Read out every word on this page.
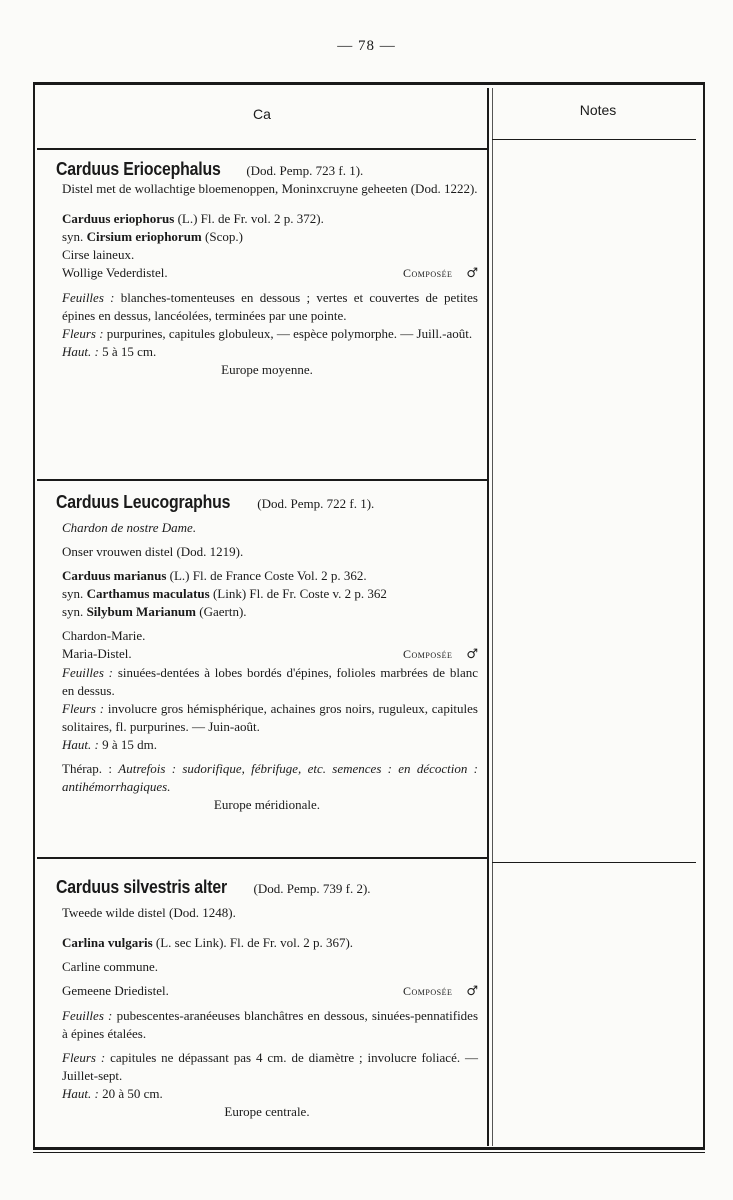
— 78 —
Ca	Notes

Carduus Eriocephalus (Dod. Pemp. 723 f. 1).

Distel met de wollachtige bloemenoppen, Moninxcruyne geheeten (Dod. 1222).

Carduus eriophorus (L.) Fl. de Fr. vol. 2 p. 372).

syn. Cirsium eriophorum (Scop.)

Cirse laineux.

Wollige Vederdistel.	Composée ♂

Feuilles : blanches-tomenteuses en dessous ; vertes et couvertes de petites épines en dessus, lancéolées, terminées par une pointe.

Fleurs : purpurines, capitules globuleux, — espèce polymorphe. — Juill.-août.

Haut. : 5 à 15 cm.

Europe moyenne.

Carduus Leucographus (Dod. Pemp. 722 f. 1).

Chardon de nostre Dame.

Onser vrouwen distel (Dod. 1219).

Carduus marianus (L.) Fl. de France Coste Vol. 2 p. 362.

syn. Carthamus maculatus (Link) Fl. de Fr. Coste v. 2 p. 362

syn. Silybum Marianum (Gaertn).

Chardon-Marie.

Maria-Distel.	Composée ♂

Feuilles : sinuées-dentées à lobes bordés d'épines, folioles marbrées de blanc en dessus.

Fleurs : involucre gros hémisphérique, achaines gros noirs, ruguleux, capitules solitaires, fl. purpurines. — Juin-août.

Haut. : 9 à 15 dm.

Thérap. : Autrefois : sudorifique, fébrifuge, etc. semences : en décoction : antihémorrhagiques.

Europe méridionale.

Carduus silvestris alter (Dod. Pemp. 739 f. 2).

Tweede wilde distel (Dod. 1248).

Carlina vulgaris (L. sec Link). Fl. de Fr. vol. 2 p. 367).

Carline commune.

Gemeene Driedistel.	Composée ♂

Feuilles : pubescentes-aranéeuses blanchâtres en dessous, sinuées-pennatifides à épines étalées.

Fleurs : capitules ne dépassant pas 4 cm. de diamètre ; involucre foliacé. — Juillet-sept.

Haut. : 20 à 50 cm.

Europe centrale.
